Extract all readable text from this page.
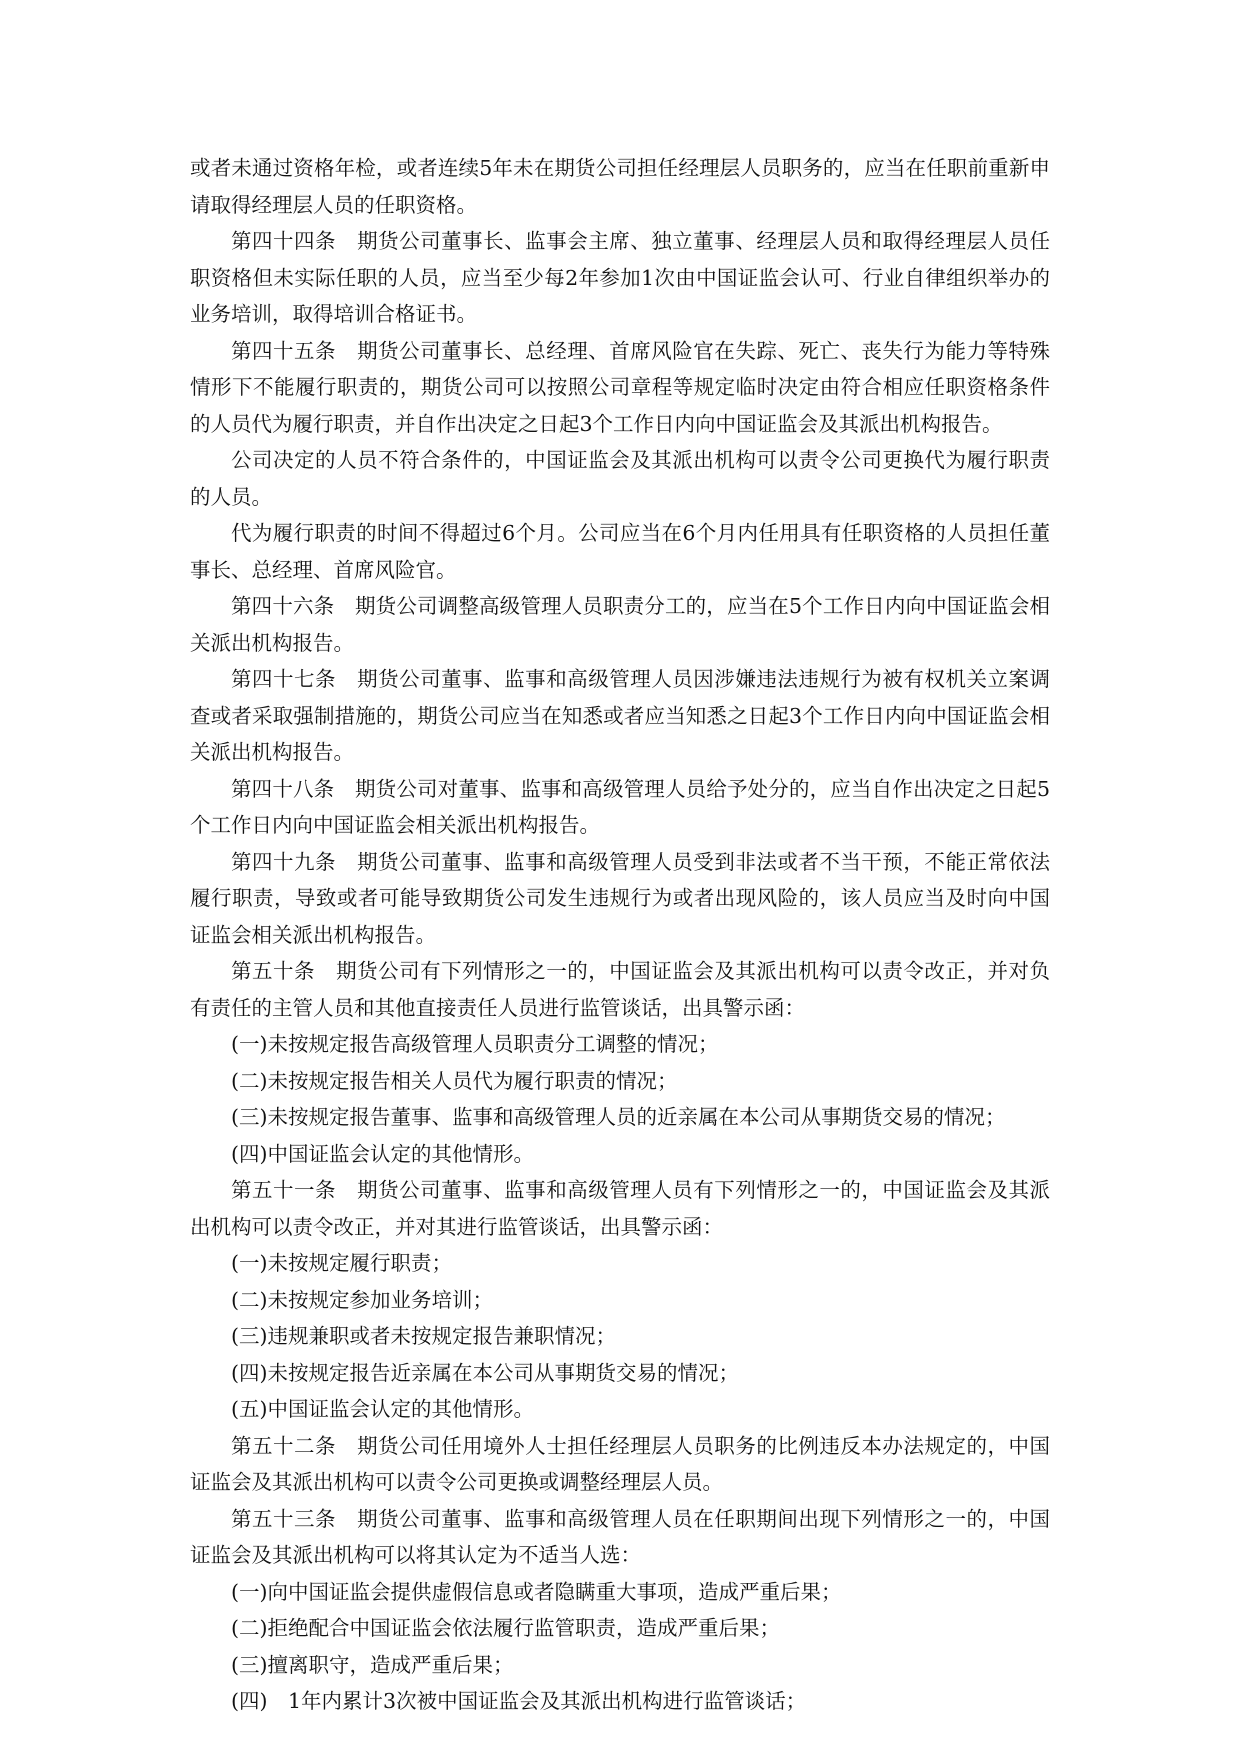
或者未通过资格年检，或者连续5年未在期货公司担任经理层人员职务的，应当在任职前重新申请取得经理层人员的任职资格。

第四十四条　期货公司董事长、监事会主席、独立董事、经理层人员和取得经理层人员任职资格但未实际任职的人员，应当至少每2年参加1次由中国证监会认可、行业自律组织举办的业务培训，取得培训合格证书。

第四十五条　期货公司董事长、总经理、首席风险官在失踪、死亡、丧失行为能力等特殊情形下不能履行职责的，期货公司可以按照公司章程等规定临时决定由符合相应任职资格条件的人员代为履行职责，并自作出决定之日起3个工作日内向中国证监会及其派出机构报告。

公司决定的人员不符合条件的，中国证监会及其派出机构可以责令公司更换代为履行职责的人员。

代为履行职责的时间不得超过6个月。公司应当在6个月内任用具有任职资格的人员担任董事长、总经理、首席风险官。

第四十六条　期货公司调整高级管理人员职责分工的，应当在5个工作日内向中国证监会相关派出机构报告。

第四十七条　期货公司董事、监事和高级管理人员因涉嫌违法违规行为被有权机关立案调查或者采取强制措施的，期货公司应当在知悉或者应当知悉之日起3个工作日内向中国证监会相关派出机构报告。

第四十八条　期货公司对董事、监事和高级管理人员给予处分的，应当自作出决定之日起5个工作日内向中国证监会相关派出机构报告。

第四十九条　期货公司董事、监事和高级管理人员受到非法或者不当干预，不能正常依法履行职责，导致或者可能导致期货公司发生违规行为或者出现风险的，该人员应当及时向中国证监会相关派出机构报告。

第五十条　期货公司有下列情形之一的，中国证监会及其派出机构可以责令改正，并对负有责任的主管人员和其他直接责任人员进行监管谈话，出具警示函：

(一)未按规定报告高级管理人员职责分工调整的情况；

(二)未按规定报告相关人员代为履行职责的情况；

(三)未按规定报告董事、监事和高级管理人员的近亲属在本公司从事期货交易的情况；

(四)中国证监会认定的其他情形。

第五十一条　期货公司董事、监事和高级管理人员有下列情形之一的，中国证监会及其派出机构可以责令改正，并对其进行监管谈话，出具警示函：

(一)未按规定履行职责；

(二)未按规定参加业务培训；

(三)违规兼职或者未按规定报告兼职情况；

(四)未按规定报告近亲属在本公司从事期货交易的情况；

(五)中国证监会认定的其他情形。

第五十二条　期货公司任用境外人士担任经理层人员职务的比例违反本办法规定的，中国证监会及其派出机构可以责令公司更换或调整经理层人员。

第五十三条　期货公司董事、监事和高级管理人员在任职期间出现下列情形之一的，中国证监会及其派出机构可以将其认定为不适当人选：

(一)向中国证监会提供虚假信息或者隐瞒重大事项，造成严重后果；

(二)拒绝配合中国证监会依法履行监管职责，造成严重后果；

(三)擅离职守，造成严重后果；

(四)　1年内累计3次被中国证监会及其派出机构进行监管谈话；
